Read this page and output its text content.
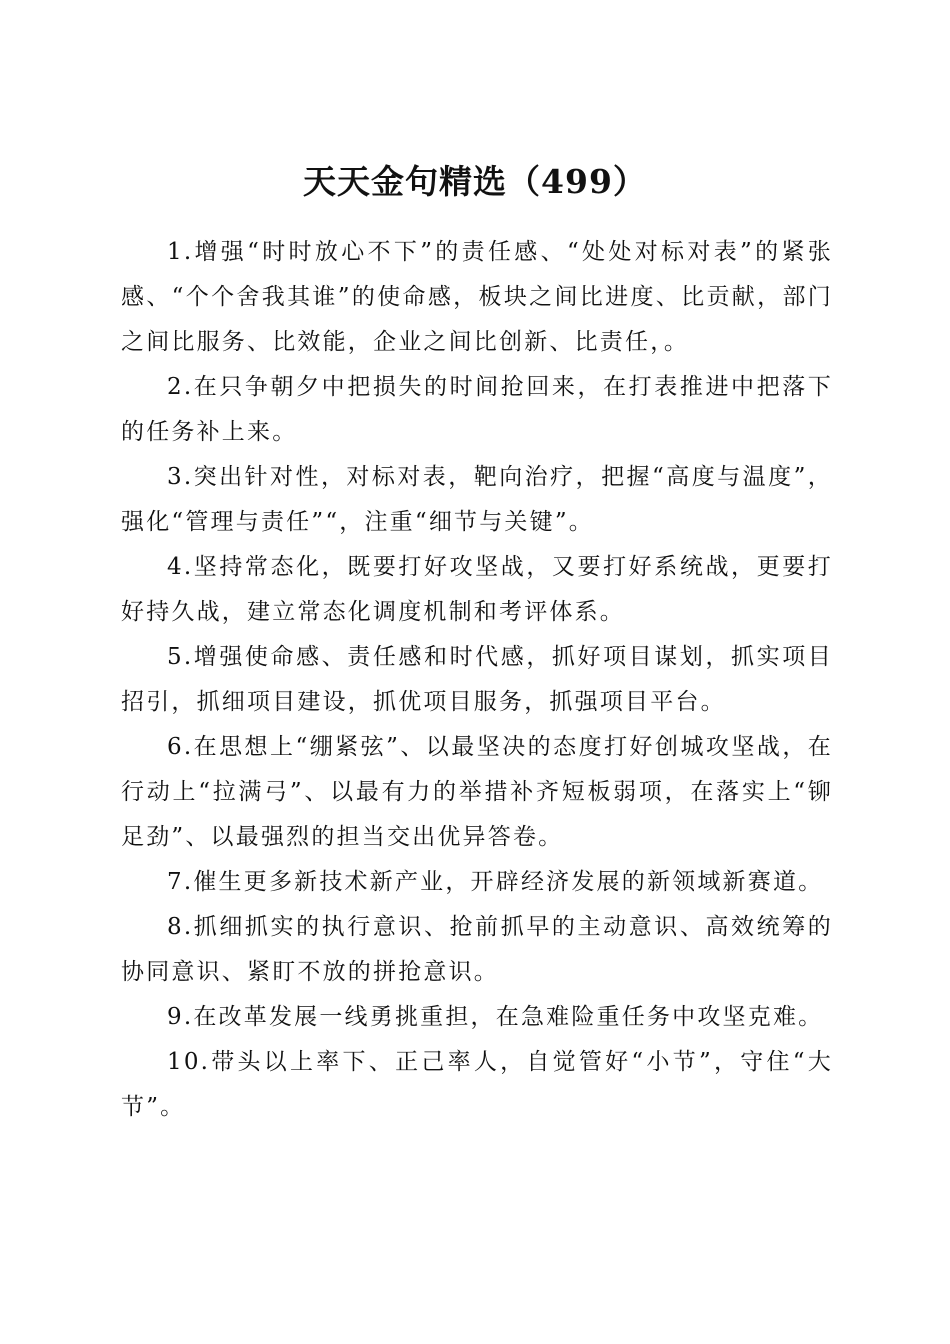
天天金句精选（499）

1.增强“时时放心不下”的责任感、“处处对标对表”的紧张感、“个个舍我其谁”的使命感，板块之间比进度、比贡献，部门之间比服务、比效能，企业之间比创新、比责任，。

2.在只争朝夕中把损失的时间抢回来，在打表推进中把落下的任务补上来。

3.突出针对性，对标对表，靶向治疗，把握“高度与温度”，强化“管理与责任”“，注重“细节与关键”。

4.坚持常态化，既要打好攻坚战，又要打好系统战，更要打好持久战，建立常态化调度机制和考评体系。

5.增强使命感、责任感和时代感，抓好项目谋划，抓实项目招引，抓细项目建设，抓优项目服务，抓强项目平台。

6.在思想上“绷紧弦”、以最坚决的态度打好创城攻坚战，在行动上“拉满弓”、以最有力的举措补齐短板弱项，在落实上“铆足劲”、以最强烈的担当交出优异答卷。

7.催生更多新技术新产业，开辟经济发展的新领域新赛道。

8.抓细抓实的执行意识、抢前抓早的主动意识、高效统筹的协同意识、紧盯不放的拼抢意识。

9.在改革发展一线勇挑重担，在急难险重任务中攻坚克难。

10.带头以上率下、正己率人，自觉管好“小节”，守住“大节”。
